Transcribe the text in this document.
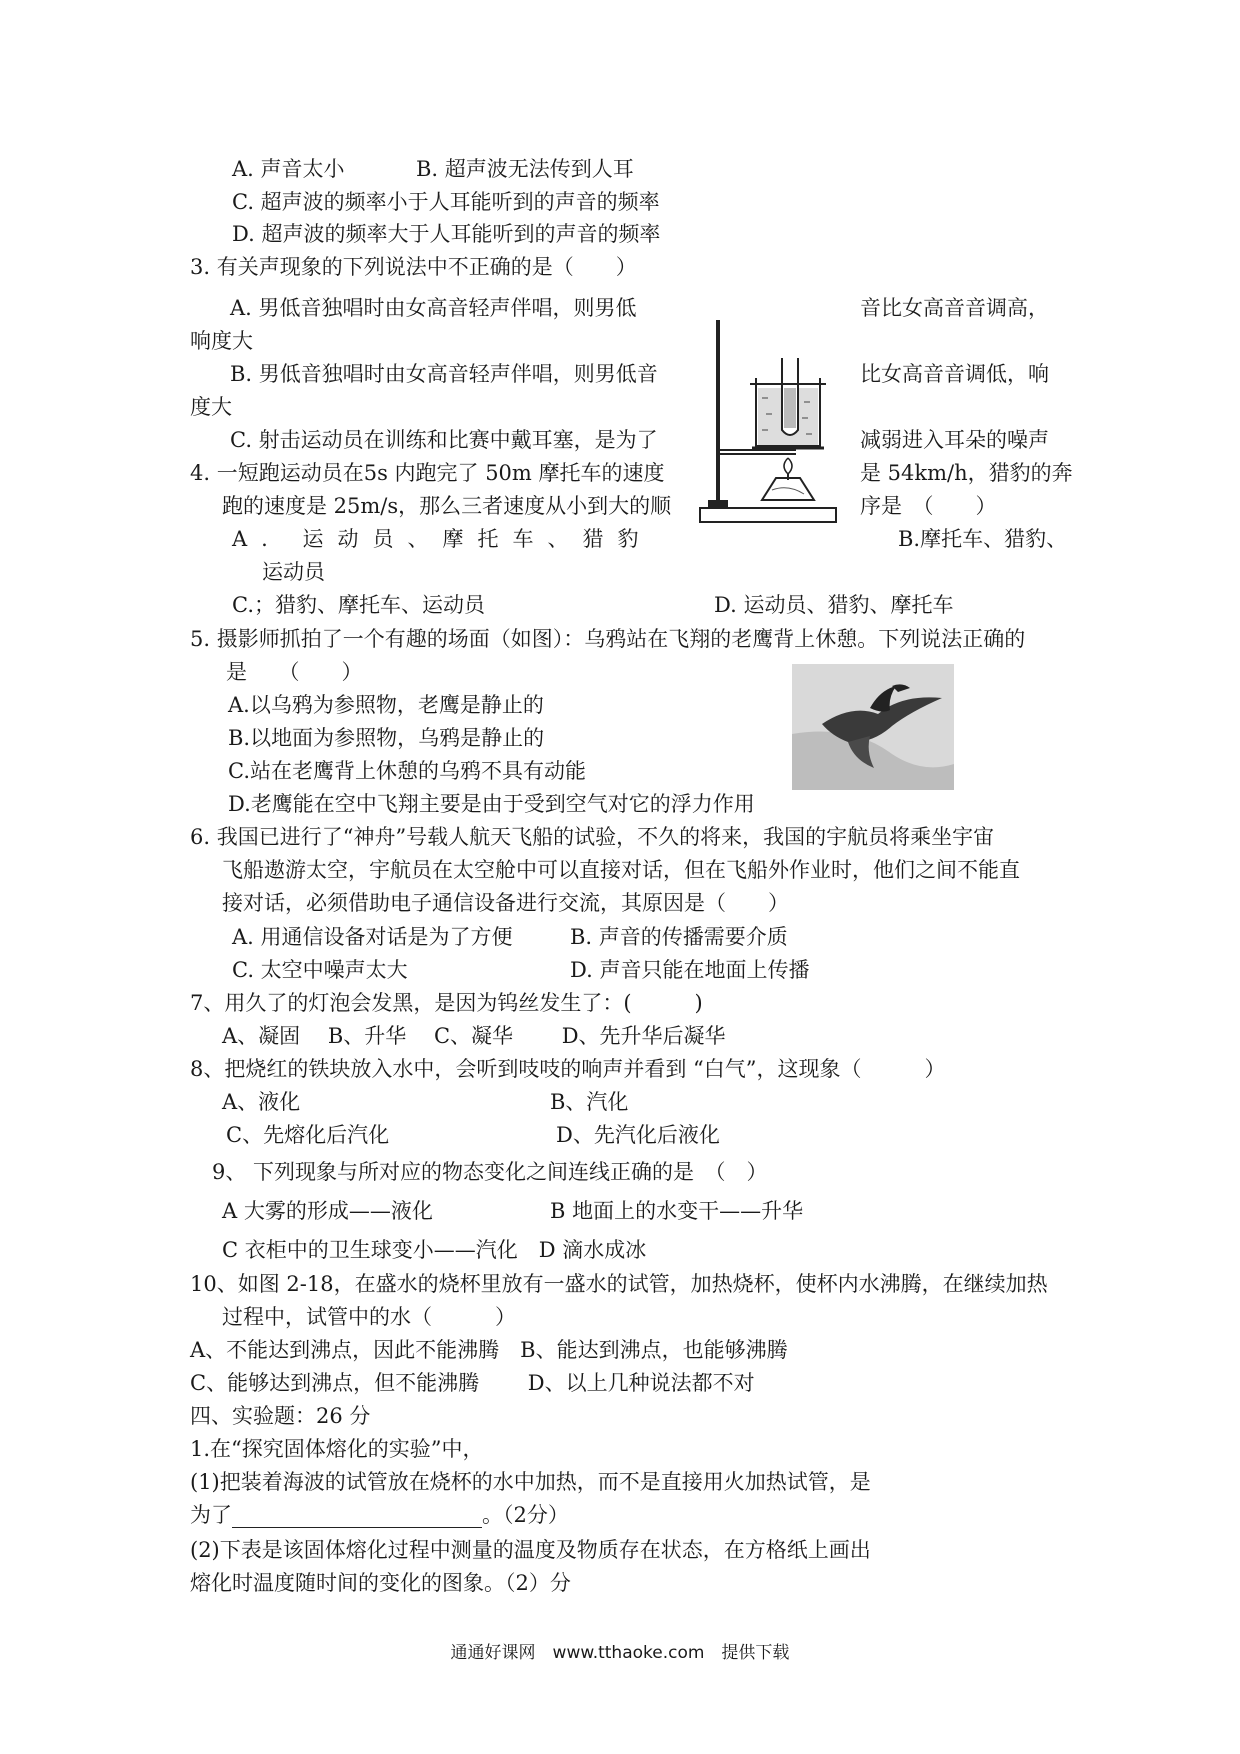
A. 声音太小	B. 超声波无法传到人耳
C. 超声波的频率小于人耳能听到的声音的频率
D. 超声波的频率大于人耳能听到的声音的频率
3. 有关声现象的下列说法中不正确的是（　　）
A. 男低音独唱时由女高音轻声伴唱，则男低	音比女高音音调高，
响度大
B. 男低音独唱时由女高音轻声伴唱，则男低音	比女高音音调低，响
度大
C. 射击运动员在训练和比赛中戴耳塞，是为了	减弱进入耳朵的噪声
4. 一短跑运动员在5s 内跑完了 50m 摩托车的速度	是 54km/h，猎豹的奔
跑的速度是 25m/s，那么三者速度从小到大的顺	序是　（　　）
A. 运动员、摩托车、猎豹	B.摩托车、猎豹、
运动员
C.；猎豹、摩托车、运动员	D. 运动员、猎豹、摩托车
5. 摄影师抓拍了一个有趣的场面（如图）：乌鸦站在飞翔的老鹰背上休憩。下列说法正确的
是　　（　　）
A.以乌鸦为参照物，老鹰是静止的
B.以地面为参照物，乌鸦是静止的
C.站在老鹰背上休憩的乌鸦不具有动能
D.老鹰能在空中飞翔主要是由于受到空气对它的浮力作用
6. 我国已进行了“神舟”号载人航天飞船的试验，不久的将来，我国的宇航员将乘坐宇宙
飞船遨游太空，宇航员在太空舱中可以直接对话，但在飞船外作业时，他们之间不能直
接对话，必须借助电子通信设备进行交流，其原因是（　　）
A. 用通信设备对话是为了方便	B. 声音的传播需要介质
C. 太空中噪声太大	D. 声音只能在地面上传播
7、用久了的灯泡会发黑，是因为钨丝发生了：(　　　)
A、凝固　 B、升华　 C、凝华　　 D、先升华后凝华
8、把烧红的铁块放入水中，会听到吱吱的响声并看到 “白气”，这现象（　　　）
A、液化	B、汽化
C、先熔化后汽化	D、先汽化后液化
9、 下列现象与所对应的物态变化之间连线正确的是　（　）
A 大雾的形成——液化	B 地面上的水变干——升华
C 衣柜中的卫生球变小——汽化　D 滴水成冰
10、如图 2-18，在盛水的烧杯里放有一盛水的试管，加热烧杯，使杯内水沸腾，在继续加热
过程中，试管中的水（　　　）
A、不能达到沸点，因此不能沸腾　B、能达到沸点，也能够沸腾
C、能够达到沸点，但不能沸腾　　 D、以上几种说法都不对
四、实验题：26 分
1.在“探究固体熔化的实验”中，
(1)把装着海波的试管放在烧杯的水中加热，而不是直接用火加热试管，是
为了	。（2分）
(2)下表是该固体熔化过程中测量的温度及物质存在状态，在方格纸上画出
熔化时温度随时间的变化的图象。（2）分
通通好课网　www.tthaoke.com　提供下载
